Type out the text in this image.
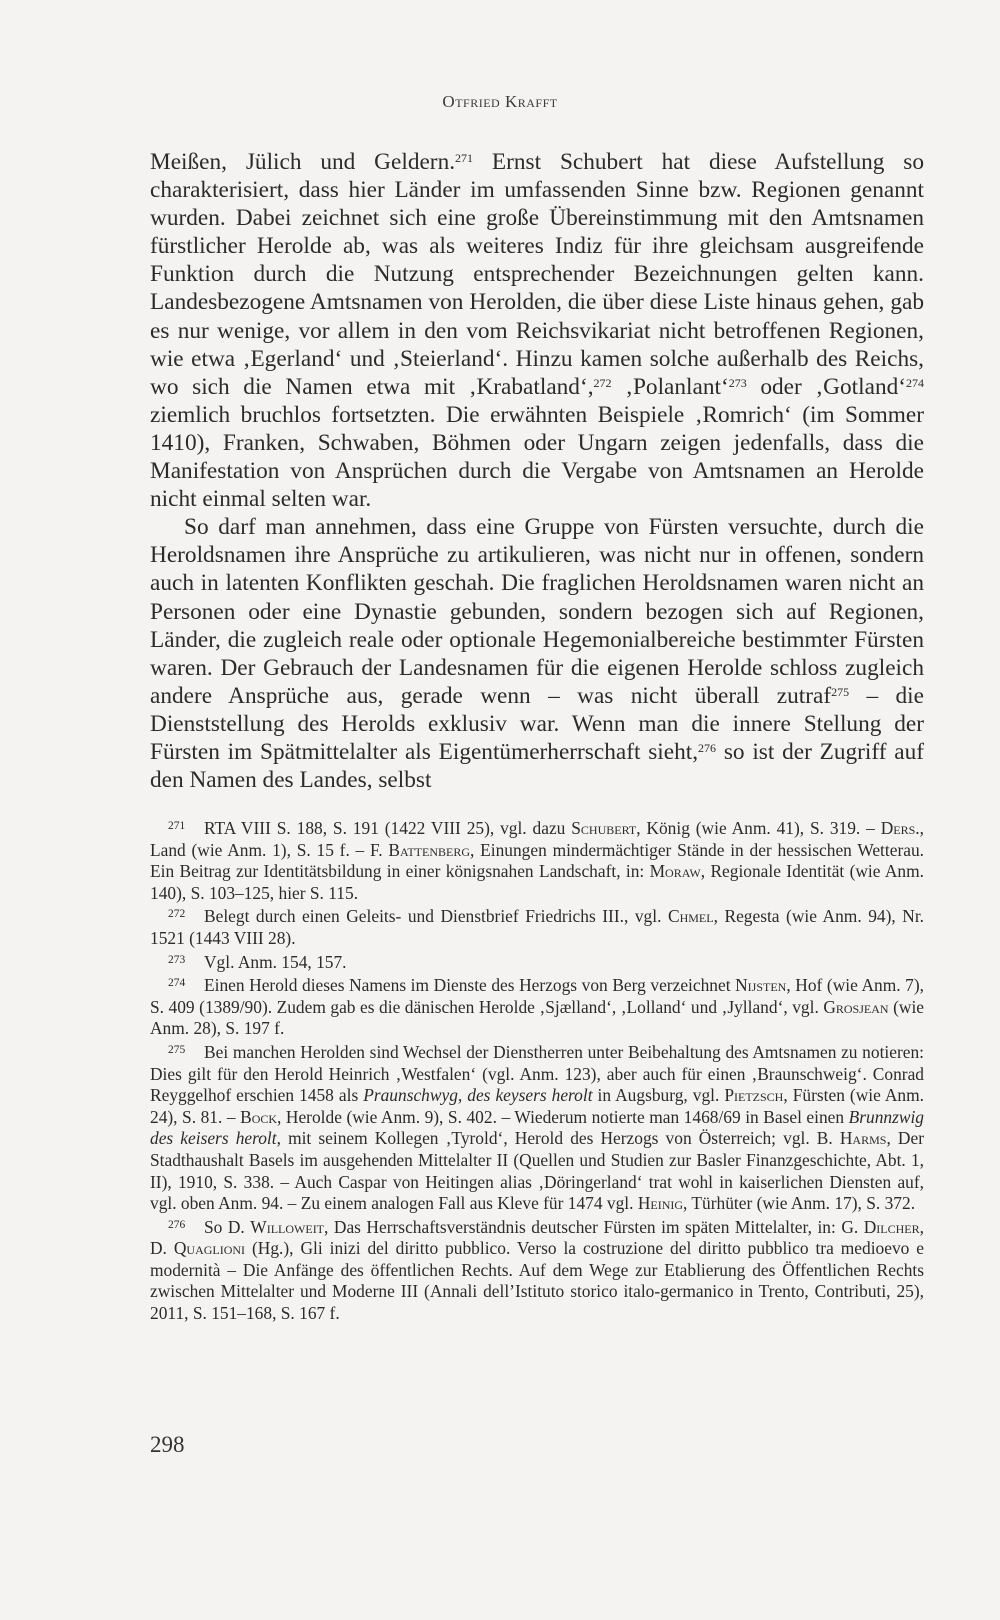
Otfried Krafft

Meißen, Jülich und Geldern.$^{271}$ Ernst Schubert hat diese Aufstellung so charakterisiert, dass hier Länder im umfassenden Sinne bzw. Regionen genannt wurden. Dabei zeichnet sich eine große Übereinstimmung mit den Amtsnamen fürstlicher Herolde ab, was als weiteres Indiz für ihre gleichsam ausgreifende Funktion durch die Nutzung entsprechender Bezeichnungen gelten kann. Landesbezogene Amtsnamen von Herolden, die über diese Liste hinaus gehen, gab es nur wenige, vor allem in den vom Reichsvikariat nicht betroffenen Regionen, wie etwa ‚Egerland‘ und ‚Steierland‘. Hinzu kamen solche außerhalb des Reichs, wo sich die Namen etwa mit ‚Krabatland‘,$^{272}$ ‚Polanlant‘$^{273}$ oder ‚Gotland‘$^{274}$ ziemlich bruchlos fortsetzten. Die erwähnten Beispiele ‚Romrich‘ (im Sommer 1410), Franken, Schwaben, Böhmen oder Ungarn zeigen jedenfalls, dass die Manifestation von Ansprüchen durch die Vergabe von Amtsnamen an Herolde nicht einmal selten war.

So darf man annehmen, dass eine Gruppe von Fürsten versuchte, durch die Heroldsnamen ihre Ansprüche zu artikulieren, was nicht nur in offenen, sondern auch in latenten Konflikten geschah. Die fraglichen Heroldsnamen waren nicht an Personen oder eine Dynastie gebunden, sondern bezogen sich auf Regionen, Länder, die zugleich reale oder optionale Hegemonialbereiche bestimmter Fürsten waren. Der Gebrauch der Landesnamen für die eigenen Herolde schloss zugleich andere Ansprüche aus, gerade wenn – was nicht überall zutraf$^{275}$ – die Dienststellung des Herolds exklusiv war. Wenn man die innere Stellung der Fürsten im Spätmittelalter als Eigentümerherrschaft sieht,$^{276}$ so ist der Zugriff auf den Namen des Landes, selbst

271 RTA VIII S. 188, S. 191 (1422 VIII 25), vgl. dazu Schubert, König (wie Anm. 41), S. 319. – Ders., Land (wie Anm. 1), S. 15 f. – F. Battenberg, Einungen mindermächtiger Stände in der hessischen Wetterau. Ein Beitrag zur Identitätsbildung in einer königsnahen Landschaft, in: Moraw, Regionale Identität (wie Anm. 140), S. 103–125, hier S. 115.
272 Belegt durch einen Geleits- und Dienstbrief Friedrichs III., vgl. Chmel, Regesta (wie Anm. 94), Nr. 1521 (1443 VIII 28).
273 Vgl. Anm. 154, 157.
274 Einen Herold dieses Namens im Dienste des Herzogs von Berg verzeichnet Nijsten, Hof (wie Anm. 7), S. 409 (1389/90). Zudem gab es die dänischen Herolde ‚Sjælland‘, ‚Lolland‘ und ‚Jylland‘, vgl. Grosjean (wie Anm. 28), S. 197 f.
275 Bei manchen Herolden sind Wechsel der Dienstherren unter Beibehaltung des Amtsnamen zu notieren: Dies gilt für den Herold Heinrich ‚Westfalen‘ (vgl. Anm. 123), aber auch für einen ‚Braunschweig‘. Conrad Reyggelhof erschien 1458 als Praunschwyg, des keysers herolt in Augsburg, vgl. Pietzsch, Fürsten (wie Anm. 24), S. 81. – Bock, Herolde (wie Anm. 9), S. 402. – Wiederum notierte man 1468/69 in Basel einen Brunnzwig des keisers herolt, mit seinem Kollegen ‚Tyrold‘, Herold des Herzogs von Österreich; vgl. B. Harms, Der Stadthaushalt Basels im ausgehenden Mittelalter II (Quellen und Studien zur Basler Finanzgeschichte, Abt. 1, II), 1910, S. 338. – Auch Caspar von Heitingen alias ‚Döringerland‘ trat wohl in kaiserlichen Diensten auf, vgl. oben Anm. 94. – Zu einem analogen Fall aus Kleve für 1474 vgl. Heinig, Türhüter (wie Anm. 17), S. 372.
276 So D. Willoweit, Das Herrschaftsverständnis deutscher Fürsten im späten Mittelalter, in: G. Dilcher, D. Quaglioni (Hg.), Gli inizi del diritto pubblico. Verso la costruzione del diritto pubblico tra medioevo e modernità – Die Anfänge des öffentlichen Rechts. Auf dem Wege zur Etablierung des Öffentlichen Rechts zwischen Mittelalter und Moderne III (Annali dell’Istituto storico italo-germanico in Trento, Contributi, 25), 2011, S. 151–168, S. 167 f.
298
